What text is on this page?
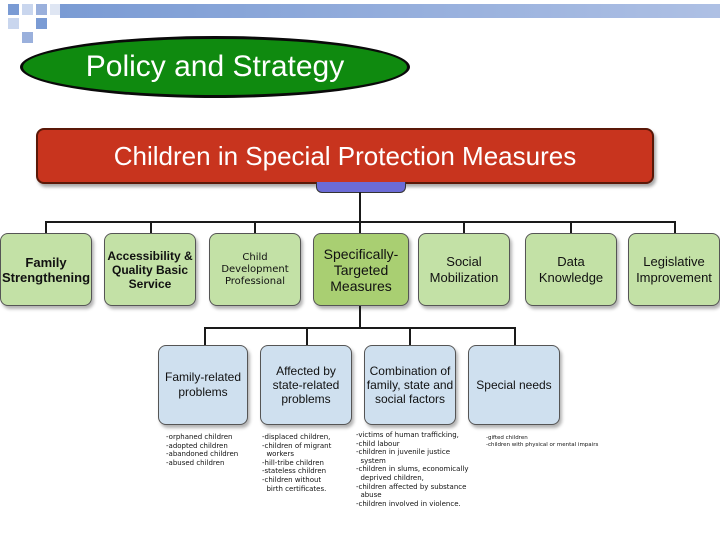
Policy and Strategy
Children in Special Protection Measures
Family Strengthening
Accessibility & Quality Basic Service
Child Development Professional
Specifically-Targeted Measures
Social Mobilization
Data Knowledge
Legislative Improvement
Family-related problems
Affected by state-related problems
Combination of family, state and social factors
Special needs
-orphaned children
-adopted children
-abandoned children
-abused children
-displaced children,
-children of migrant
workers
-hill-tribe children
-stateless children
-children without
birth certificates.
-victims of human trafficking,
-child labour
-children in juvenile justice
system
-children in slums, economically
deprived children,
-children affected by substance
abuse
-children involved in violence.
-gifted children
-children with physical or mental impairs
